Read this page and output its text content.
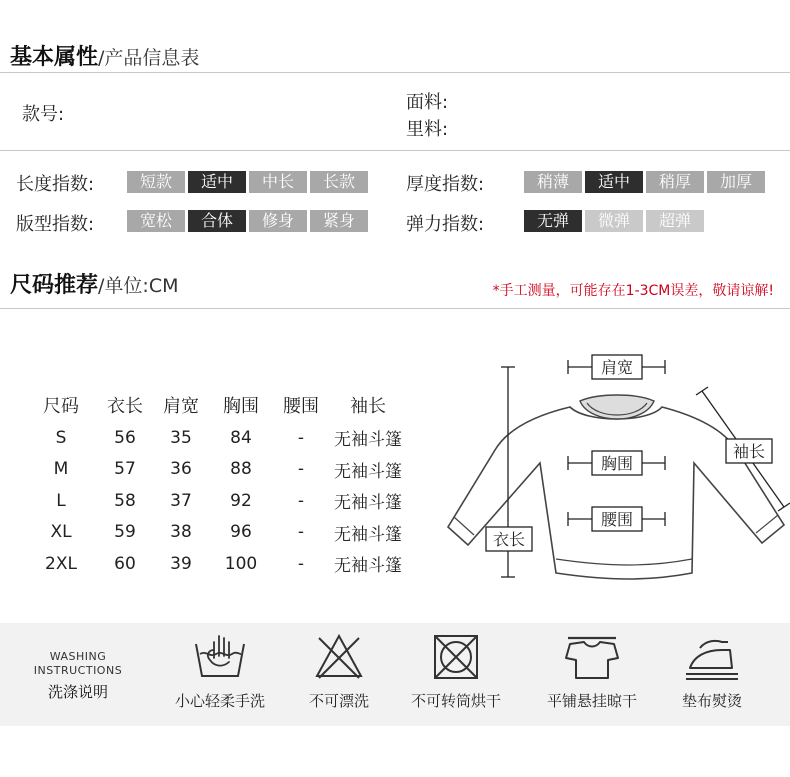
基本属性/产品信息表
款号:
面料:
里料:
长度指数:	短款	适中	中长	长款	厚度指数:	稍薄	适中	稍厚	加厚
版型指数:	宽松	合体	修身	紧身	弹力指数:	无弹	微弹	超弹
尺码推荐/单位:CM	*手工测量，可能存在1-3CM误差，敬请谅解!
尺码	衣长	肩宽	胸围	腰围	袖长
S	56	35	84	-	无袖斗篷
M	57	36	88	-	无袖斗篷
L	58	37	92	-	无袖斗篷
XL	59	38	96	-	无袖斗篷
2XL	60	39	100	-	无袖斗篷
肩宽
胸围
腰围
衣长
袖长
WASHING
INSTRUCTIONS
洗涤说明	小心轻柔手洗	不可漂洗	不可转筒烘干	平铺悬挂晾干	垫布熨烫
